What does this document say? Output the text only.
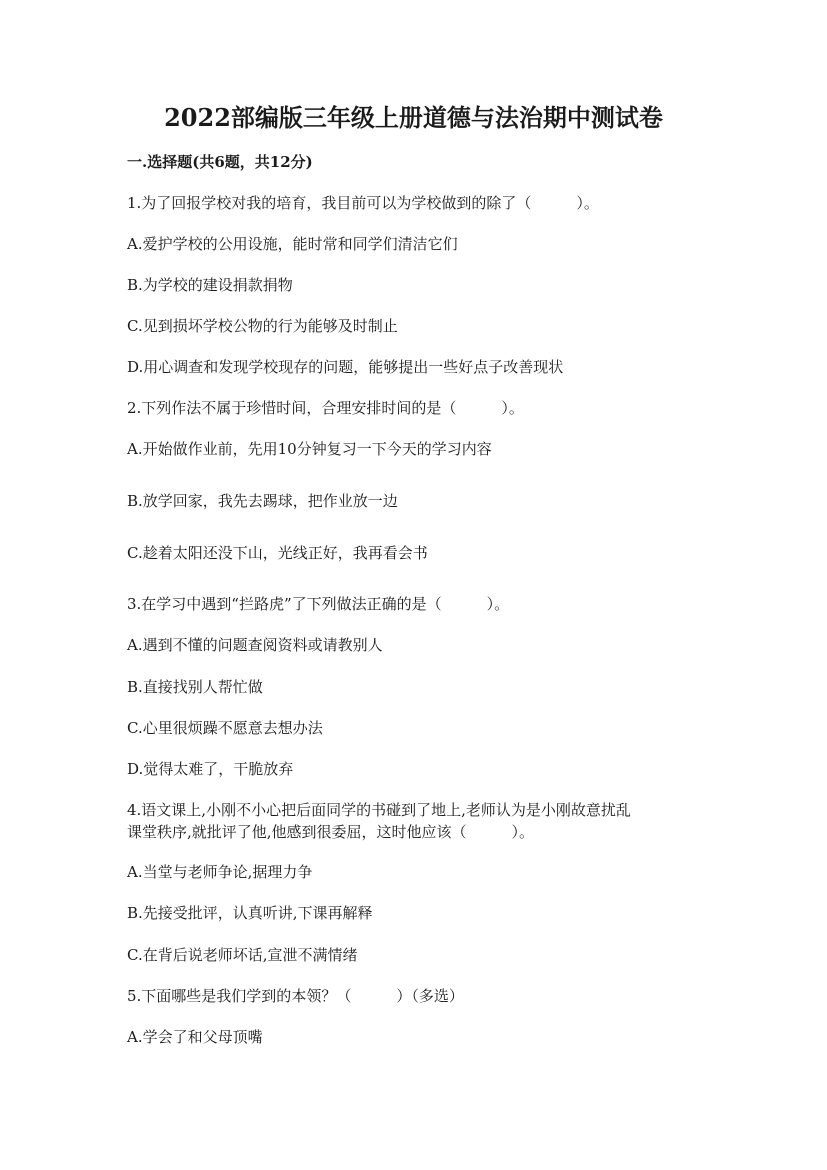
2022部编版三年级上册道德与法治期中测试卷
一.选择题(共6题，共12分)
1.为了回报学校对我的培育，我目前可以为学校做到的除了（　　　）。
A.爱护学校的公用设施，能时常和同学们清洁它们
B.为学校的建设捐款捐物
C.见到损坏学校公物的行为能够及时制止
D.用心调查和发现学校现存的问题，能够提出一些好点子改善现状
2.下列作法不属于珍惜时间，合理安排时间的是（　　　）。
A.开始做作业前，先用10分钟复习一下今天的学习内容
B.放学回家，我先去踢球，把作业放一边
C.趁着太阳还没下山，光线正好，我再看会书
3.在学习中遇到“拦路虎”了下列做法正确的是（　　　）。
A.遇到不懂的问题查阅资料或请教别人
B.直接找别人帮忙做
C.心里很烦躁不愿意去想办法
D.觉得太难了，干脆放弃
4.语文课上,小刚不小心把后面同学的书碰到了地上,老师认为是小刚故意扰乱
课堂秩序,就批评了他,他感到很委屈，这时他应该（　　　）。
A.当堂与老师争论,据理力争
B.先接受批评，认真听讲,下课再解释
C.在背后说老师坏话,宣泄不满情绪
5.下面哪些是我们学到的本领？（　　　）（多选）
A.学会了和父母顶嘴
